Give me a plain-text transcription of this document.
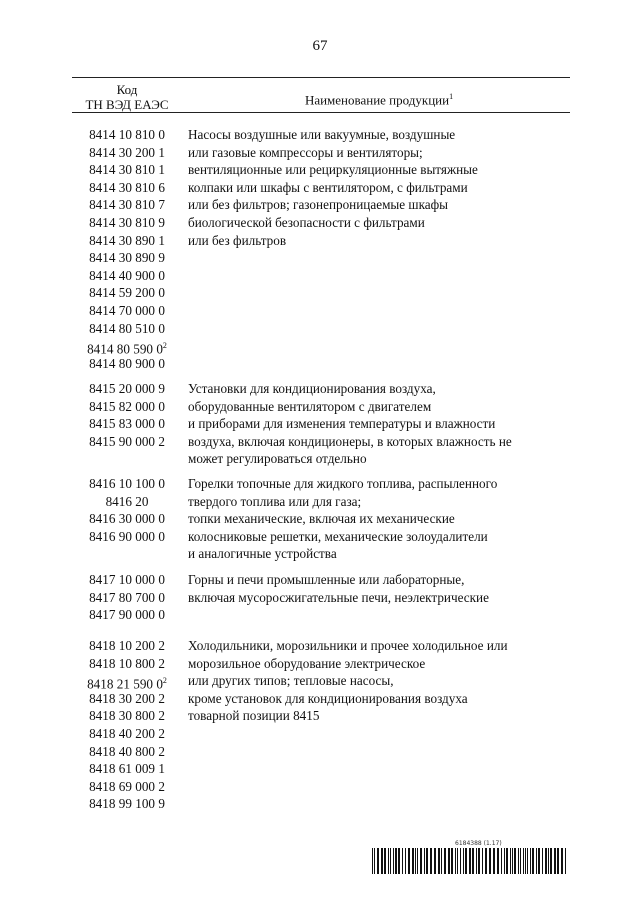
67
Код
ТН ВЭД ЕАЭС	Наименование продукции$^1$
8414 10 810 0
8414 30 200 1
8414 30 810 1
8414 30 810 6
8414 30 810 7
8414 30 810 9
8414 30 890 1
8414 30 890 9
8414 40 900 0
8414 59 200 0
8414 70 000 0
8414 80 510 0
8414 80 590 $0^2$
8414 80 900 0
Насосы воздушные или вакуумные, воздушные
или газовые компрессоры и вентиляторы;
вентиляционные или рециркуляционные вытяжные
колпаки или шкафы с вентилятором, с фильтрами
или без фильтров; газонепроницаемые шкафы
биологической безопасности с фильтрами
или без фильтров
8415 20 000 9
8415 82 000 0
8415 83 000 0
8415 90 000 2
Установки для кондиционирования воздуха,
оборудованные вентилятором с двигателем
и приборами для изменения температуры и влажности
воздуха, включая кондиционеры, в которых влажность не
может регулироваться отдельно
8416 10 100 0
8416 20
8416 30 000 0
8416 90 000 0
Горелки топочные для жидкого топлива, распыленного
твердого топлива или для газа;
топки механические, включая их механические
колосниковые решетки, механические золоудалители
и аналогичные устройства
8417 10 000 0
8417 80 700 0
8417 90 000 0
Горны и печи промышленные или лабораторные,
включая мусоросжигательные печи, неэлектрические
8418 10 200 2
8418 10 800 2
8418 21 590 $0^2$
8418 30 200 2
8418 30 800 2
8418 40 200 2
8418 40 800 2
8418 61 009 1
8418 69 000 2
8418 99 100 9
Холодильники, морозильники и прочее холодильное или
морозильное оборудование электрическое
или других типов; тепловые насосы,
кроме установок для кондиционирования воздуха
товарной позиции 8415
6184388 (1.17)
